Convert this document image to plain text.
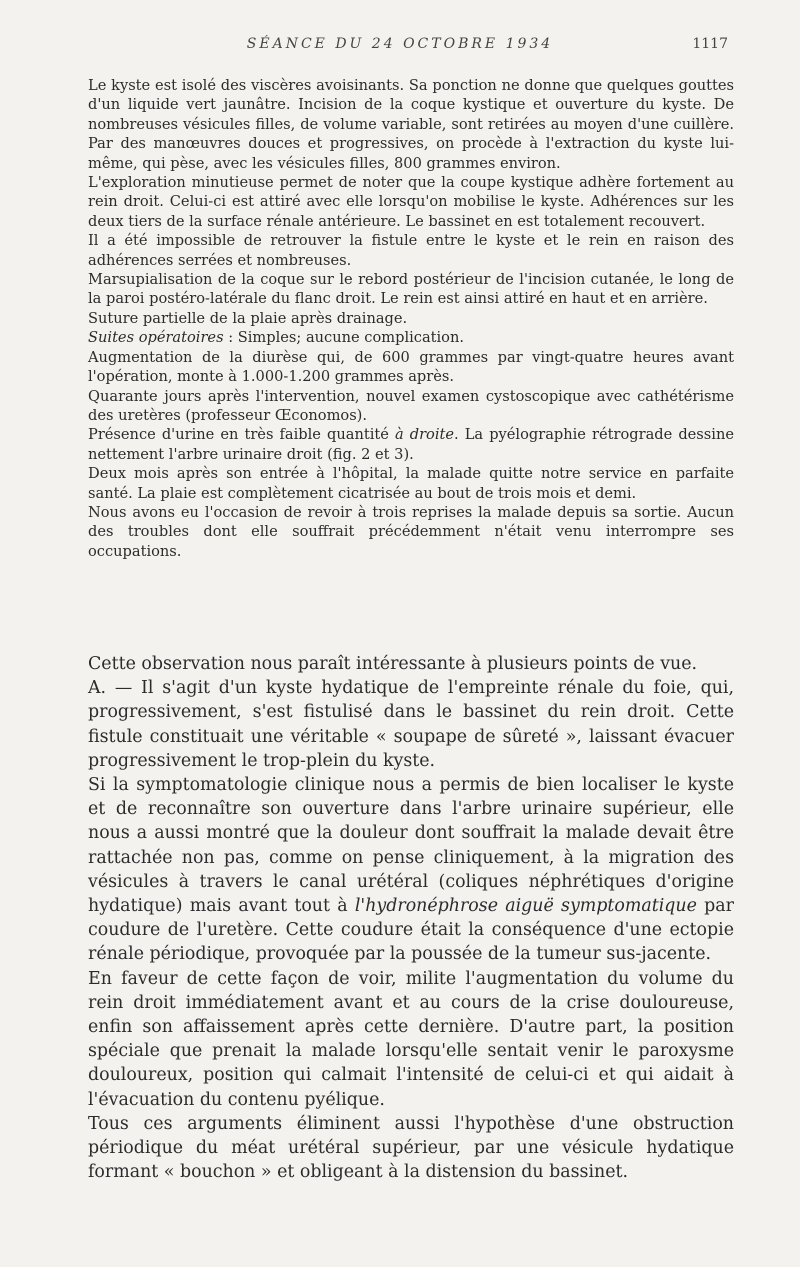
SÉANCE DU 24 OCTOBRE 1934	1117

Le kyste est isolé des viscères avoisinants. Sa ponction ne donne que quelques gouttes d'un liquide vert jaunâtre. Incision de la coque kystique et ouverture du kyste. De nombreuses vésicules filles, de volume variable, sont retirées au moyen d'une cuillère. Par des manœuvres douces et progressives, on procède à l'extraction du kyste lui-même, qui pèse, avec les vésicules filles, 800 grammes environ.

L'exploration minutieuse permet de noter que la coupe kystique adhère fortement au rein droit. Celui-ci est attiré avec elle lorsqu'on mobilise le kyste. Adhérences sur les deux tiers de la surface rénale antérieure. Le bassinet en est totalement recouvert.

Il a été impossible de retrouver la fistule entre le kyste et le rein en raison des adhérences serrées et nombreuses.

Marsupialisation de la coque sur le rebord postérieur de l'incision cutanée, le long de la paroi postéro-latérale du flanc droit. Le rein est ainsi attiré en haut et en arrière.

Suture partielle de la plaie après drainage.

Suites opératoires : Simples; aucune complication.

Augmentation de la diurèse qui, de 600 grammes par vingt-quatre heures avant l'opération, monte à 1.000-1.200 grammes après.

Quarante jours après l'intervention, nouvel examen cystoscopique avec cathétérisme des uretères (professeur Œconomos).

Présence d'urine en très faible quantité à droite. La pyélographie rétrograde dessine nettement l'arbre urinaire droit (fig. 2 et 3).

Deux mois après son entrée à l'hôpital, la malade quitte notre service en parfaite santé. La plaie est complètement cicatrisée au bout de trois mois et demi.

Nous avons eu l'occasion de revoir à trois reprises la malade depuis sa sortie. Aucun des troubles dont elle souffrait précédemment n'était venu interrompre ses occupations.

Cette observation nous paraît intéressante à plusieurs points de vue.

A. — Il s'agit d'un kyste hydatique de l'empreinte rénale du foie, qui, progressivement, s'est fistulisé dans le bassinet du rein droit. Cette fistule constituait une véritable « soupape de sûreté », laissant évacuer progressivement le trop-plein du kyste.

Si la symptomatologie clinique nous a permis de bien localiser le kyste et de reconnaître son ouverture dans l'arbre urinaire supérieur, elle nous a aussi montré que la douleur dont souffrait la malade devait être rattachée non pas, comme on pense cliniquement, à la migration des vésicules à travers le canal urétéral (coliques néphrétiques d'origine hydatique) mais avant tout à l'hydronéphrose aiguë symptomatique par coudure de l'uretère. Cette coudure était la conséquence d'une ectopie rénale périodique, provoquée par la poussée de la tumeur sus-jacente.

En faveur de cette façon de voir, milite l'augmentation du volume du rein droit immédiatement avant et au cours de la crise douloureuse, enfin son affaissement après cette dernière. D'autre part, la position spéciale que prenait la malade lorsqu'elle sentait venir le paroxysme douloureux, position qui calmait l'intensité de celui-ci et qui aidait à l'évacuation du contenu pyélique.

Tous ces arguments éliminent aussi l'hypothèse d'une obstruction périodique du méat urétéral supérieur, par une vésicule hydatique formant « bouchon » et obligeant à la distension du bassinet.
